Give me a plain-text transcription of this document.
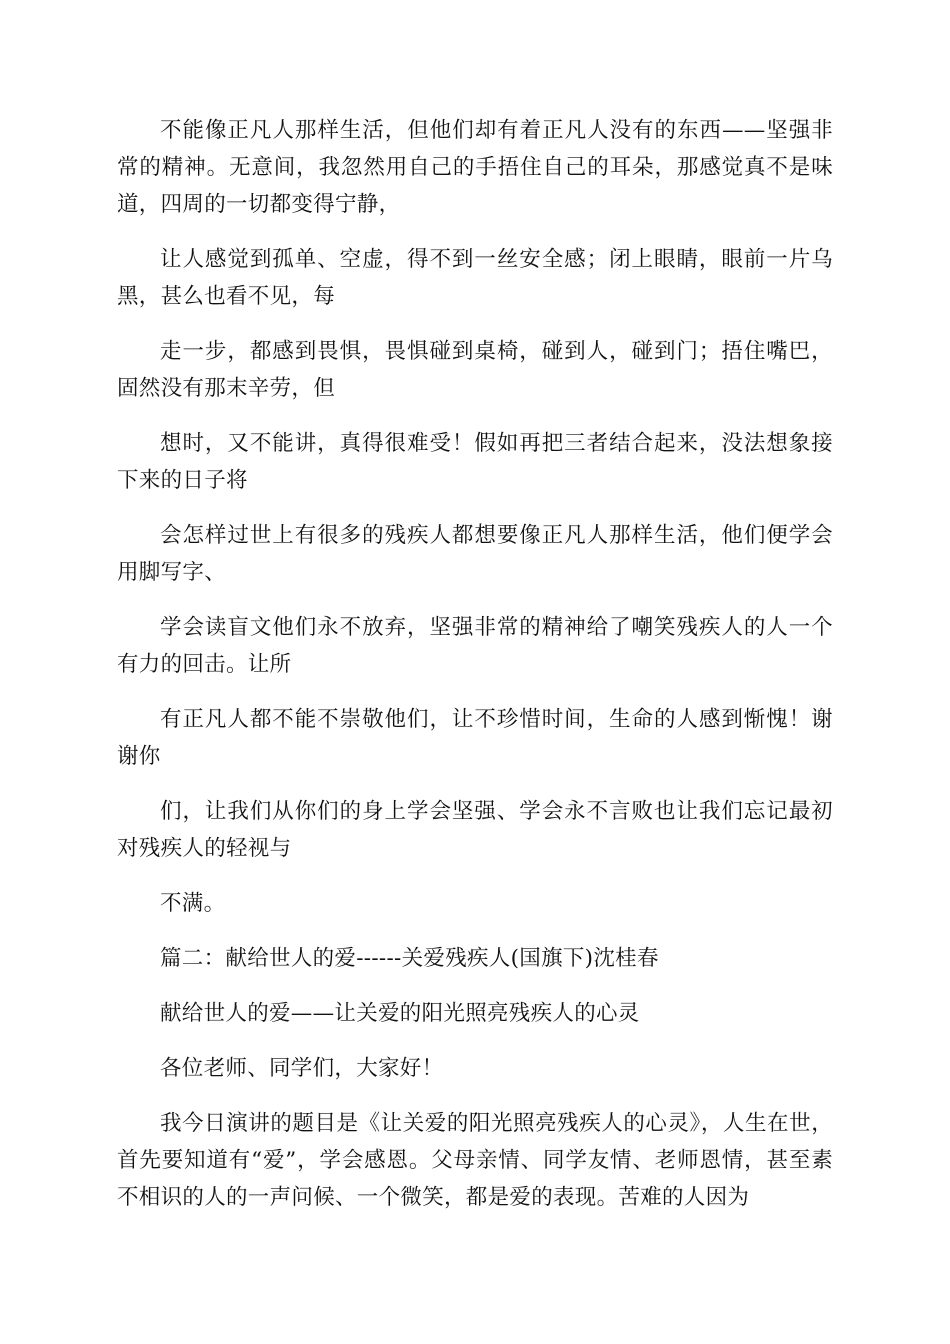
不能像正凡人那样生活，但他们却有着正凡人没有的东西——坚强非常的精神。无意间，我忽然用自己的手捂住自己的耳朵，那感觉真不是味道，四周的一切都变得宁静，

让人感觉到孤单、空虚，得不到一丝安全感；闭上眼睛，眼前一片乌黑，甚么也看不见，每

走一步，都感到畏惧，畏惧碰到桌椅，碰到人，碰到门；捂住嘴巴，固然没有那末辛劳，但

想时，又不能讲，真得很难受！假如再把三者结合起来，没法想象接下来的日子将

会怎样过世上有很多的残疾人都想要像正凡人那样生活，他们便学会用脚写字、

学会读盲文他们永不放弃，坚强非常的精神给了嘲笑残疾人的人一个有力的回击。让所

有正凡人都不能不崇敬他们，让不珍惜时间，生命的人感到惭愧！谢谢你

们，让我们从你们的身上学会坚强、学会永不言败也让我们忘记最初对残疾人的轻视与

不满。

篇二：献给世人的爱------关爱残疾人(国旗下)沈桂春

献给世人的爱——让关爱的阳光照亮残疾人的心灵

各位老师、同学们，大家好！

我今日演讲的题目是《让关爱的阳光照亮残疾人的心灵》，人生在世，首先要知道有“爱”，学会感恩。父母亲情、同学友情、老师恩情，甚至素不相识的人的一声问候、一个微笑，都是爱的表现。苦难的人因为
